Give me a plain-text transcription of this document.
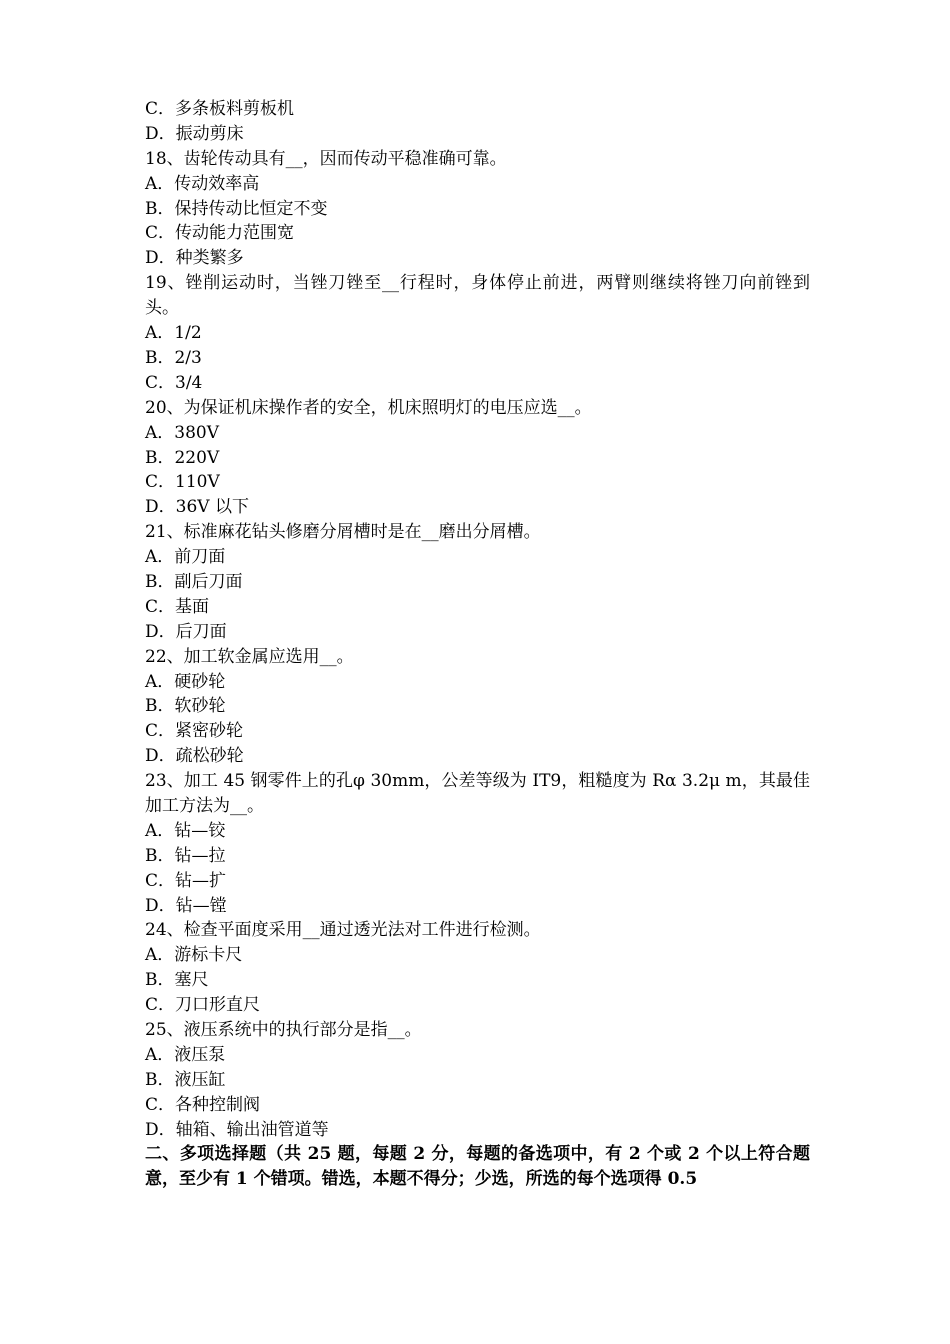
C．多条板料剪板机
D．振动剪床
18、齿轮传动具有__，因而传动平稳准确可靠。
A．传动效率高
B．保持传动比恒定不变
C．传动能力范围宽
D．种类繁多
19、锉削运动时，当锉刀锉至__行程时，身体停止前进，两臂则继续将锉刀向前锉到头。
A．1/2
B．2/3
C．3/4
20、为保证机床操作者的安全，机床照明灯的电压应选__。
A．380V
B．220V
C．110V
D．36V 以下
21、标准麻花钻头修磨分屑槽时是在__磨出分屑槽。
A．前刀面
B．副后刀面
C．基面
D．后刀面
22、加工软金属应选用__。
A．硬砂轮
B．软砂轮
C．紧密砂轮
D．疏松砂轮
23、加工 45 钢零件上的孔φ 30mm，公差等级为 IT9，粗糙度为 Rα 3.2μ m，其最佳加工方法为__。
A．钻—铰
B．钻—拉
C．钻—扩
D．钻—镗
24、检查平面度采用__通过透光法对工件进行检测。
A．游标卡尺
B．塞尺
C．刀口形直尺
25、液压系统中的执行部分是指__。
A．液压泵
B．液压缸
C．各种控制阀
D．轴箱、输出油管道等
二、多项选择题（共 25 题，每题 2 分，每题的备选项中，有 2 个或 2 个以上符合题意，至少有 1 个错项。错选，本题不得分；少选，所选的每个选项得 0.5
